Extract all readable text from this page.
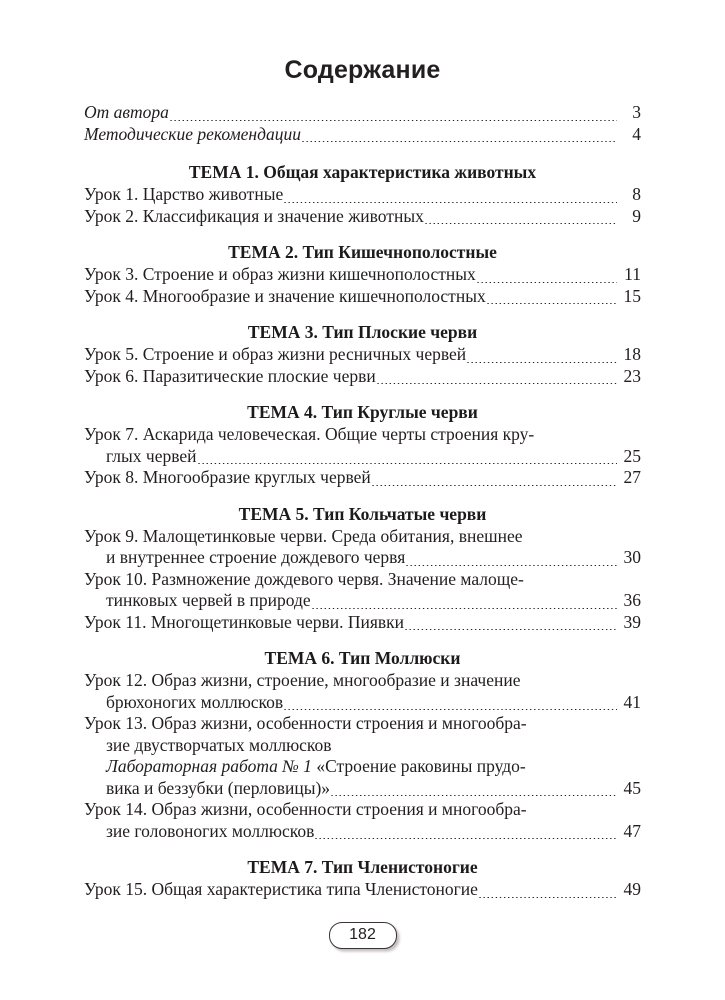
Содержание
От автора	3
Методические рекомендации	4
ТЕМА 1. Общая характеристика животных
Урок 1. Царство животные	8
Урок 2. Классификация и значение животных	9
ТЕМА 2. Тип Кишечнополостные
Урок 3. Строение и образ жизни кишечнополостных	11
Урок 4. Многообразие и значение кишечнополостных	15
ТЕМА 3. Тип Плоские черви
Урок 5. Строение и образ жизни ресничных червей	18
Урок 6. Паразитические плоские черви	23
ТЕМА 4. Тип Круглые черви
Урок 7. Аскарида человеческая. Общие черты строения кру-
глых червей	25
Урок 8. Многообразие круглых червей	27
ТЕМА 5. Тип Кольчатые черви
Урок 9. Малощетинковые черви. Среда обитания, внешнее
и внутреннее строение дождевого червя	30
Урок 10. Размножение дождевого червя. Значение малоще-
тинковых червей в природе	36
Урок 11. Многощетинковые черви. Пиявки	39
ТЕМА 6. Тип Моллюски
Урок 12. Образ жизни, строение, многообразие и значение
брюхоногих моллюсков	41
Урок 13. Образ жизни, особенности строения и многообра-
зие двустворчатых моллюсков
Лабораторная работа № 1 «Строение раковины прудо-
вика и беззубки (перловицы)»	45
Урок 14. Образ жизни, особенности строения и многообра-
зие головоногих моллюсков	47
ТЕМА 7. Тип Членистоногие
Урок 15. Общая характеристика типа Членистоногие	49
182
